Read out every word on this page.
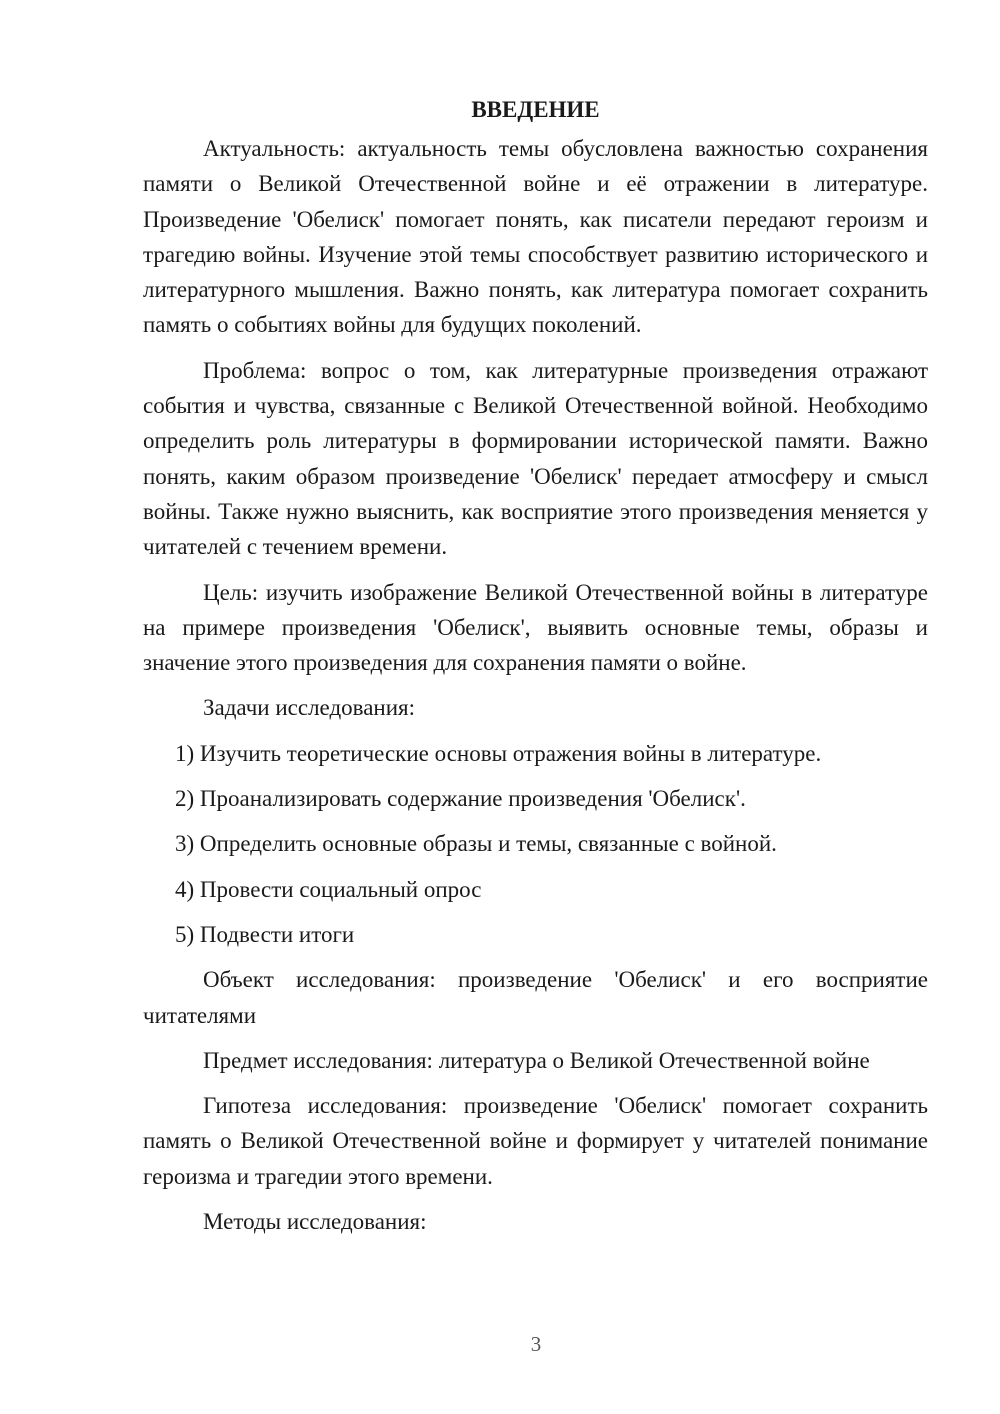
ВВЕДЕНИЕ
Актуальность: актуальность темы обусловлена важностью сохранения памяти о Великой Отечественной войне и её отражении в литературе. Произведение 'Обелиск' помогает понять, как писатели передают героизм и трагедию войны. Изучение этой темы способствует развитию исторического и литературного мышления. Важно понять, как литература помогает сохранить память о событиях войны для будущих поколений.
Проблема: вопрос о том, как литературные произведения отражают события и чувства, связанные с Великой Отечественной войной. Необходимо определить роль литературы в формировании исторической памяти. Важно понять, каким образом произведение 'Обелиск' передает атмосферу и смысл войны. Также нужно выяснить, как восприятие этого произведения меняется у читателей с течением времени.
Цель: изучить изображение Великой Отечественной войны в литературе на примере произведения 'Обелиск', выявить основные темы, образы и значение этого произведения для сохранения памяти о войне.
Задачи исследования:
1) Изучить теоретические основы отражения войны в литературе.
2) Проанализировать содержание произведения 'Обелиск'.
3) Определить основные образы и темы, связанные с войной.
4) Провести социальный опрос
5) Подвести итоги
Объект исследования: произведение 'Обелиск' и его восприятие читателями
Предмет исследования: литература о Великой Отечественной войне
Гипотеза исследования: произведение 'Обелиск' помогает сохранить память о Великой Отечественной войне и формирует у читателей понимание героизма и трагедии этого времени.
Методы исследования:
3
